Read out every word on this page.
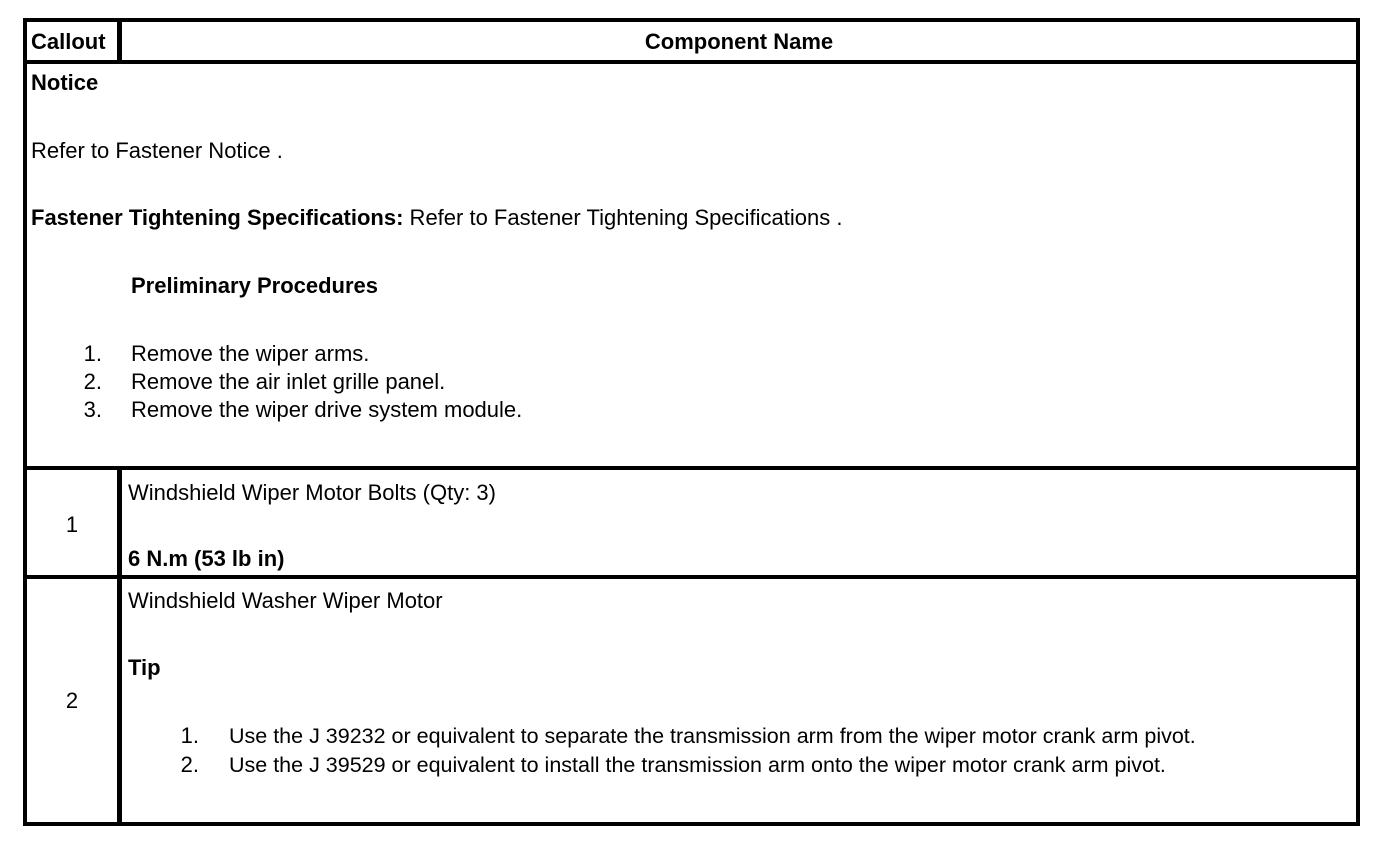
Callout	Component Name
Notice
Refer to Fastener Notice .
Fastener Tightening Specifications: Refer to Fastener Tightening Specifications .
Preliminary Procedures
1. Remove the wiper arms.
2. Remove the air inlet grille panel.
3. Remove the wiper drive system module.
1
Windshield Wiper Motor Bolts (Qty: 3)
6 N.m (53 lb in)
2
Windshield Washer Wiper Motor
Tip
1. Use the J 39232 or equivalent to separate the transmission arm from the wiper motor crank arm pivot.
2. Use the J 39529 or equivalent to install the transmission arm onto the wiper motor crank arm pivot.
